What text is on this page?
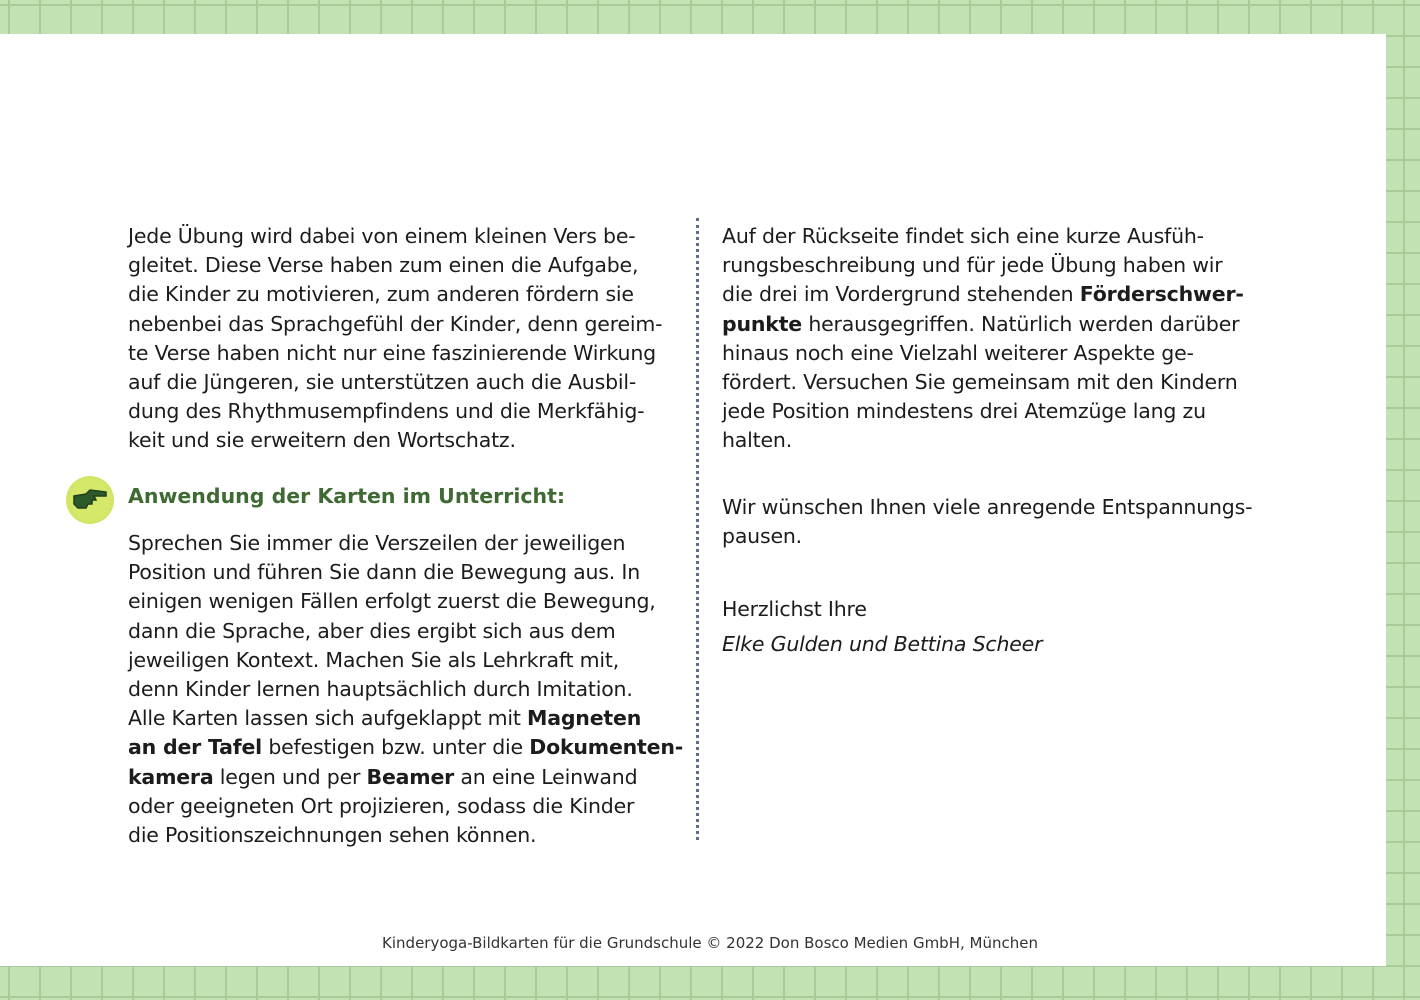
Jede Übung wird dabei von einem kleinen Vers be-
gleitet. Diese Verse haben zum einen die Aufgabe,
die Kinder zu motivieren, zum anderen fördern sie
nebenbei das Sprachgefühl der Kinder, denn gereim-
te Verse haben nicht nur eine faszinierende Wirkung
auf die Jüngeren, sie unterstützen auch die Ausbil-
dung des Rhythmusempfindens und die Merkfähig-
keit und sie erweitern den Wortschatz.
Anwendung der Karten im Unterricht:
Sprechen Sie immer die Verszeilen der jeweiligen
Position und führen Sie dann die Bewegung aus. In
einigen wenigen Fällen erfolgt zuerst die Bewegung,
dann die Sprache, aber dies ergibt sich aus dem
jeweiligen Kontext. Machen Sie als Lehrkraft mit,
denn Kinder lernen hauptsächlich durch Imitation.
Alle Karten lassen sich aufgeklappt mit Magneten
an der Tafel befestigen bzw. unter die Dokumenten-
kamera legen und per Beamer an eine Leinwand
oder geeigneten Ort projizieren, sodass die Kinder
die Positionszeichnungen sehen können.
Auf der Rückseite findet sich eine kurze Ausfüh-
rungsbeschreibung und für jede Übung haben wir
die drei im Vordergrund stehenden Förderschwer-
punkte herausgegriffen. Natürlich werden darüber
hinaus noch eine Vielzahl weiterer Aspekte ge-
fördert. Versuchen Sie gemeinsam mit den Kindern
jede Position mindestens drei Atemzüge lang zu
halten.
Wir wünschen Ihnen viele anregende Entspannungs-
pausen.
Herzlichst Ihre
Elke Gulden und Bettina Scheer
Kinderyoga-Bildkarten für die Grundschule © 2022 Don Bosco Medien GmbH, München
